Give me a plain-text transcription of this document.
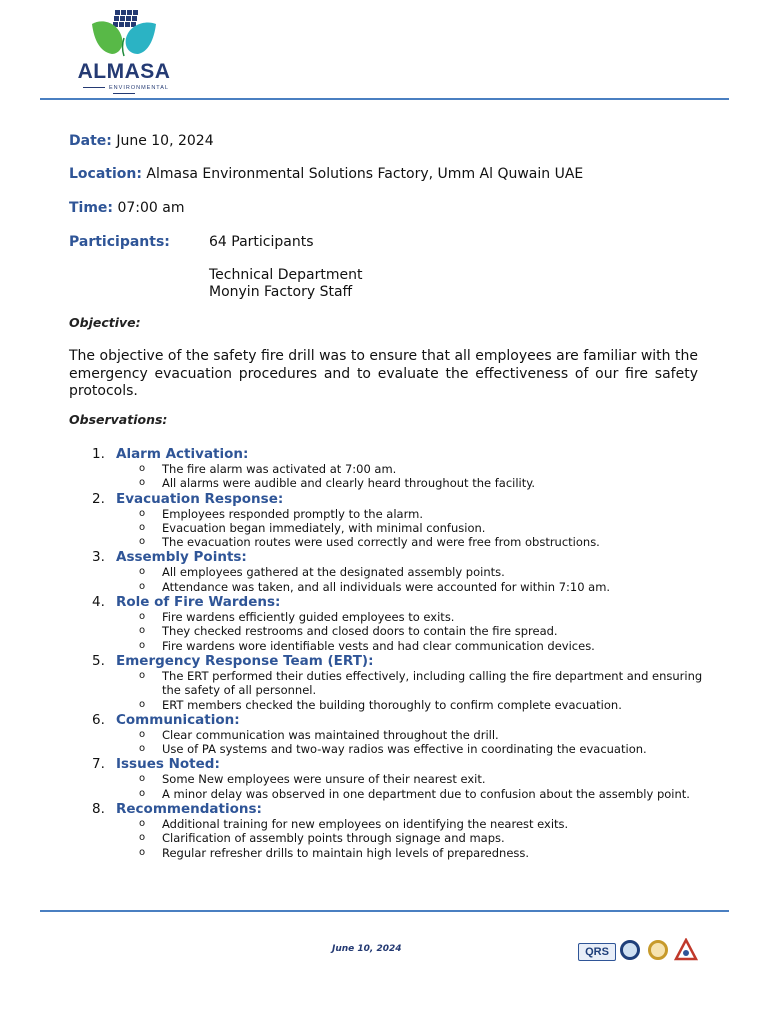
ALMASA
ENVIRONMENTAL
Date: June 10, 2024
Location: Almasa Environmental Solutions Factory, Umm Al Quwain UAE
Time: 07:00 am
Participants:	64 Participants
Technical Department
Monyin Factory Staff
Objective:

The objective of the safety fire drill was to ensure that all employees are familiar with the emergency evacuation procedures and to evaluate the effectiveness of our fire safety protocols.

Observations:
1. Alarm Activation:
o The fire alarm was activated at 7:00 am.
o All alarms were audible and clearly heard throughout the facility.
2. Evacuation Response:
o Employees responded promptly to the alarm.
o Evacuation began immediately, with minimal confusion.
o The evacuation routes were used correctly and were free from obstructions.
3. Assembly Points:
o All employees gathered at the designated assembly points.
o Attendance was taken, and all individuals were accounted for within 7:10 am.
4. Role of Fire Wardens:
o Fire wardens efficiently guided employees to exits.
o They checked restrooms and closed doors to contain the fire spread.
o Fire wardens wore identifiable vests and had clear communication devices.
5. Emergency Response Team (ERT):
o The ERT performed their duties effectively, including calling the fire department and ensuring the safety of all personnel.
o ERT members checked the building thoroughly to confirm complete evacuation.
6. Communication:
o Clear communication was maintained throughout the drill.
o Use of PA systems and two-way radios was effective in coordinating the evacuation.
7. Issues Noted:
o Some New employees were unsure of their nearest exit.
o A minor delay was observed in one department due to confusion about the assembly point.
8. Recommendations:
o Additional training for new employees on identifying the nearest exits.
o Clarification of assembly points through signage and maps.
o Regular refresher drills to maintain high levels of preparedness.
June 10, 2024	QRS
